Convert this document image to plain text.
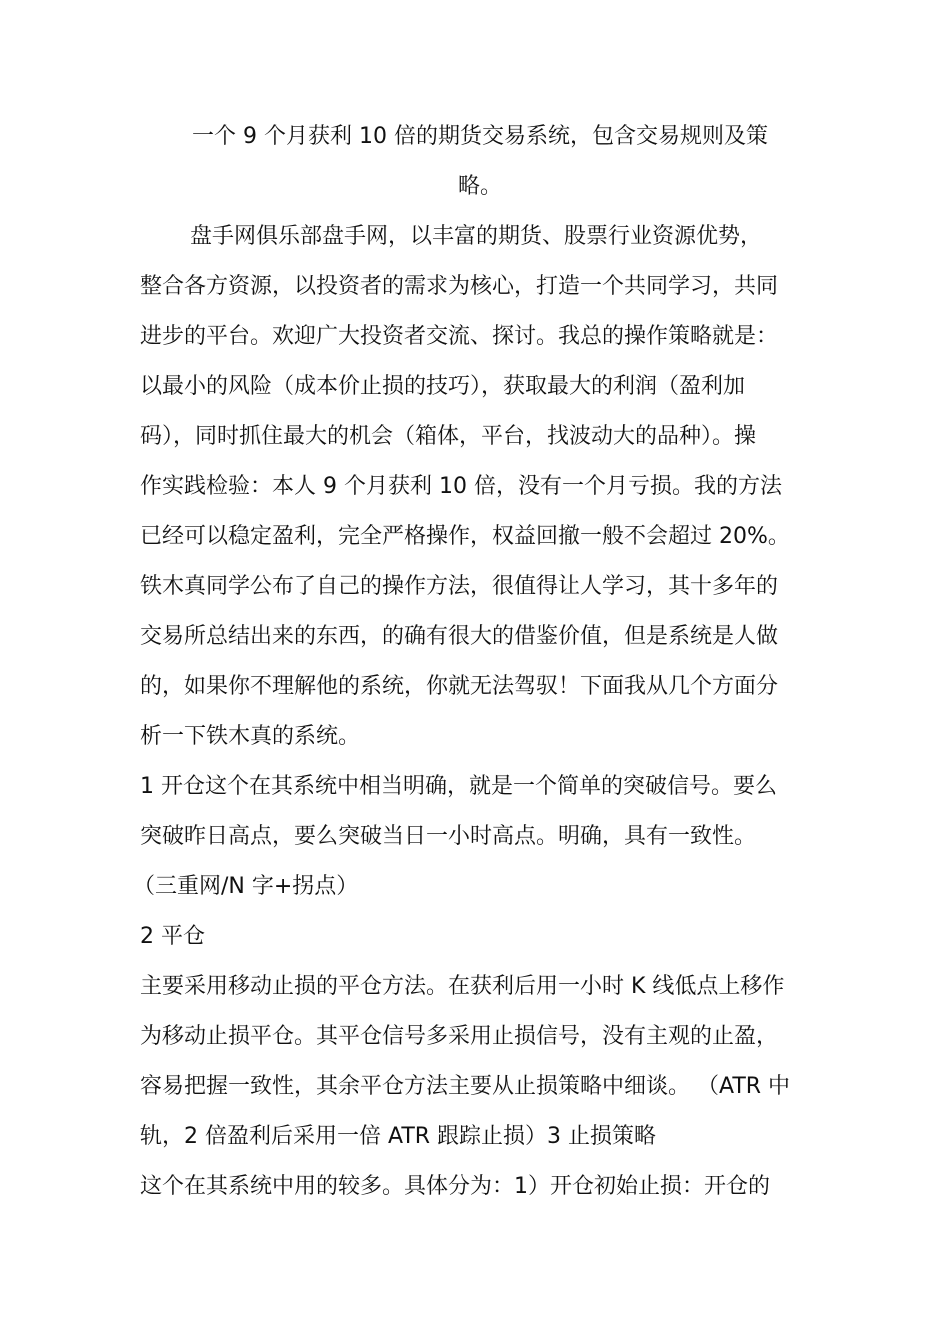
一个 9 个月获利 10 倍的期货交易系统，包含交易规则及策
略。
盘手网俱乐部盘手网，以丰富的期货、股票行业资源优势，
整合各方资源，以投资者的需求为核心，打造一个共同学习，共同
进步的平台。欢迎广大投资者交流、探讨。我总的操作策略就是：
以最小的风险（成本价止损的技巧），获取最大的利润（盈利加
码），同时抓住最大的机会（箱体，平台，找波动大的品种）。操
作实践检验：本人 9 个月获利 10 倍，没有一个月亏损。我的方法
已经可以稳定盈利，完全严格操作，权益回撤一般不会超过 20%。
铁木真同学公布了自己的操作方法，很值得让人学习，其十多年的
交易所总结出来的东西，的确有很大的借鉴价值，但是系统是人做
的，如果你不理解他的系统，你就无法驾驭！下面我从几个方面分
析一下铁木真的系统。
1 开仓这个在其系统中相当明确，就是一个简单的突破信号。要么
突破昨日高点，要么突破当日一小时高点。明确，具有一致性。
（三重网/N 字+拐点）
2 平仓
主要采用移动止损的平仓方法。在获利后用一小时 K 线低点上移作
为移动止损平仓。其平仓信号多采用止损信号，没有主观的止盈，
容易把握一致性，其余平仓方法主要从止损策略中细谈。 （ATR 中
轨，2 倍盈利后采用一倍 ATR 跟踪止损）3 止损策略
这个在其系统中用的较多。具体分为：1）开仓初始止损：开仓的
